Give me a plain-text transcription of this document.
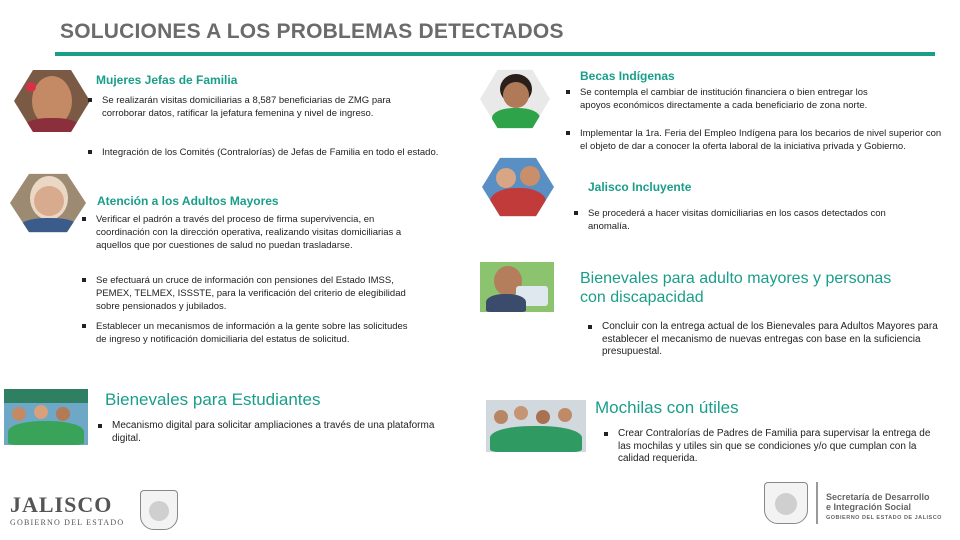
SOLUCIONES A LOS PROBLEMAS DETECTADOS
Mujeres Jefas de Familia
Se realizarán visitas domiciliarias a 8,587 beneficiarias de ZMG para corroborar datos, ratificar la jefatura femenina y nivel de ingreso.
Integración de los Comités (Contralorías) de Jefas de Familia en todo el estado.
Atención a los Adultos Mayores
Verificar el padrón a través del proceso de firma supervivencia, en coordinación con la dirección operativa, realizando visitas domiciliarias a aquellos que por cuestiones de salud no puedan trasladarse.
Se efectuará un cruce de información con pensiones del Estado IMSS, PEMEX, TELMEX, ISSSTE, para la verificación del criterio de elegibilidad sobre pensionados y jubilados.
Establecer un mecanismos de información a la gente sobre las solicitudes de ingreso y notificación domiciliaria del estatus de solicitud.
Bienevales para Estudiantes
Mecanismo digital para solicitar ampliaciones a través de una plataforma digital.
Becas Indígenas
Se contempla el cambiar de institución financiera o bien entregar los apoyos económicos directamente a cada beneficiario de zona norte.
Implementar la 1ra. Feria del Empleo Indígena para los becarios de nivel superior con el objeto de dar a conocer la oferta laboral de la iniciativa privada y Gobierno.
Jalisco Incluyente
Se procederá a hacer visitas domiciliarias en los casos detectados con anomalía.
Bienevales para adulto mayores y personas con discapacidad
Concluir con la entrega actual de los Bienevales para Adultos Mayores para establecer el mecanismo de nuevas entregas con base en la suficiencia presupuestal.
Mochilas con útiles
Crear Contralorías de Padres de Familia para supervisar la entrega de las mochilas y utiles sin que se condiciones y/o que cumplan con la calidad requerida.
JALISCO
GOBIERNO DEL ESTADO
Secretaría de Desarrollo
e Integración Social
GOBIERNO DEL ESTADO DE JALISCO
